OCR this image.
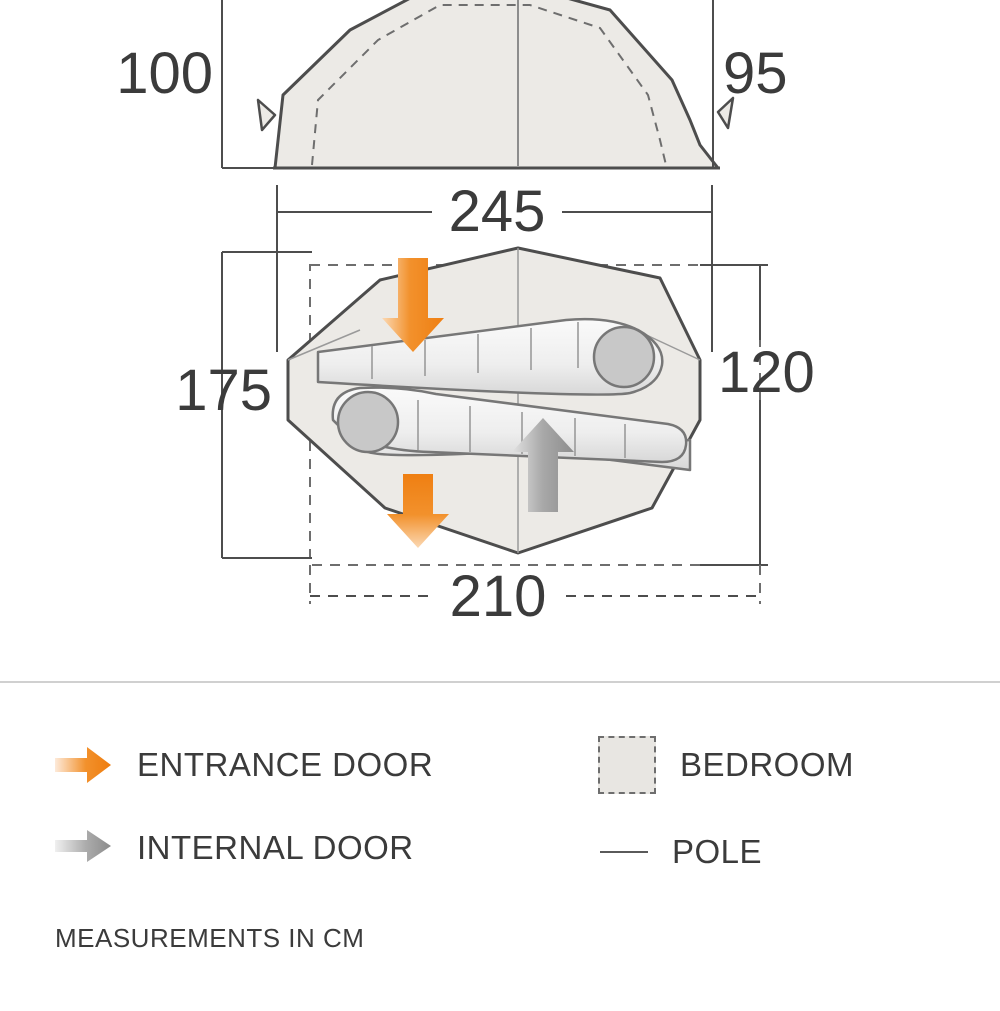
100	95
245
175	120
210
ENTRANCE DOOR
INTERNAL DOOR
BEDROOM
POLE
MEASUREMENTS IN CM
